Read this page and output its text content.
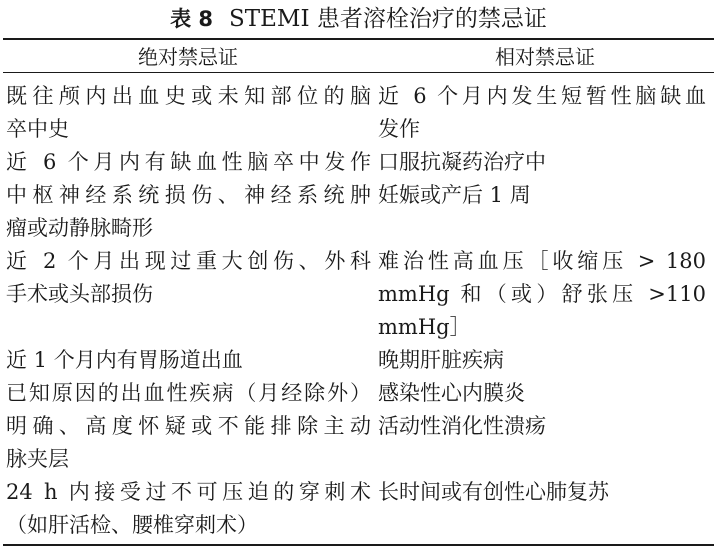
表 8 STEMI 患者溶栓治疗的禁忌证
绝对禁忌证	相对禁忌证
既往颅内出血史或未知部位的脑
卒中史
近 6 个月内有缺血性脑卒中发作
中枢神经系统损伤、神经系统肿
瘤或动静脉畸形
近 2 个月出现过重大创伤、外科
手术或头部损伤
近 1 个月内有胃肠道出血
已知原因的出血性疾病（月经除外）
明确、高度怀疑或不能排除主动
脉夹层
24 h 内接受过不可压迫的穿刺术
（如肝活检、腰椎穿刺术）
近 6 个月内发生短暂性脑缺血
发作
口服抗凝药治疗中
妊娠或产后 1 周
难治性高血压［收缩压 > 180
mmHg 和（或）舒张压 >110
mmHg］
晚期肝脏疾病
感染性心内膜炎
活动性消化性溃疡
长时间或有创性心肺复苏
